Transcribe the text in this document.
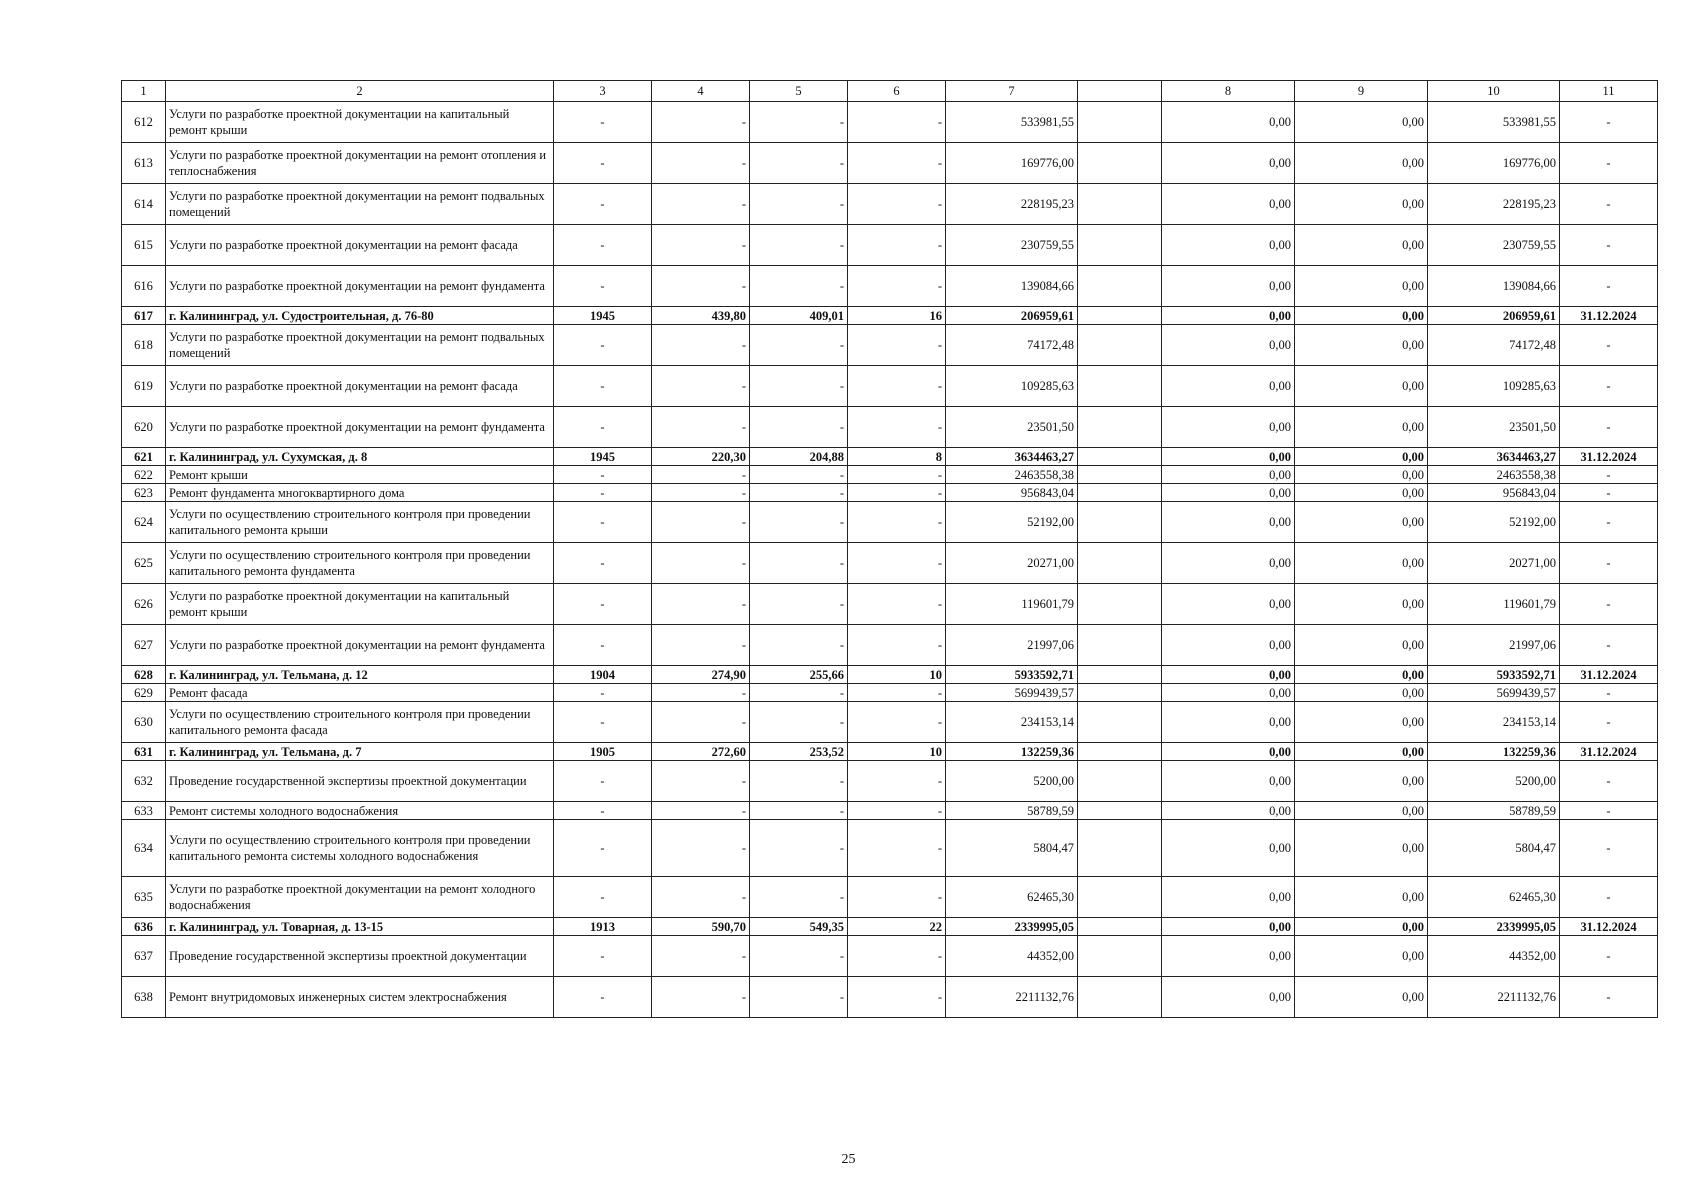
1	2	3	4	5	6	7		8	9	10	11
612	Услуги по разработке проектной документации на капитальный ремонт крыши	-	-	-	-	533981,55		0,00	0,00	533981,55	-
613	Услуги по разработке проектной документации на ремонт отопления и теплоснабжения	-	-	-	-	169776,00		0,00	0,00	169776,00	-
614	Услуги по разработке проектной документации на ремонт подвальных помещений	-	-	-	-	228195,23		0,00	0,00	228195,23	-
615	Услуги по разработке проектной документации на ремонт фасада	-	-	-	-	230759,55		0,00	0,00	230759,55	-
616	Услуги по разработке проектной документации на ремонт фундамента	-	-	-	-	139084,66		0,00	0,00	139084,66	-
617	г. Калининград, ул. Судостроительная, д. 76-80	1945	439,80	409,01	16	206959,61		0,00	0,00	206959,61	31.12.2024
618	Услуги по разработке проектной документации на ремонт подвальных помещений	-	-	-	-	74172,48		0,00	0,00	74172,48	-
619	Услуги по разработке проектной документации на ремонт фасада	-	-	-	-	109285,63		0,00	0,00	109285,63	-
620	Услуги по разработке проектной документации на ремонт фундамента	-	-	-	-	23501,50		0,00	0,00	23501,50	-
621	г. Калининград, ул. Сухумская, д. 8	1945	220,30	204,88	8	3634463,27		0,00	0,00	3634463,27	31.12.2024
622	Ремонт крыши	-	-	-	-	2463558,38		0,00	0,00	2463558,38	-
623	Ремонт фундамента многоквартирного дома	-	-	-	-	956843,04		0,00	0,00	956843,04	-
624	Услуги по осуществлению строительного контроля при проведении капитального ремонта крыши	-	-	-	-	52192,00		0,00	0,00	52192,00	-
625	Услуги по осуществлению строительного контроля при проведении капитального ремонта фундамента	-	-	-	-	20271,00		0,00	0,00	20271,00	-
626	Услуги по разработке проектной документации на капитальный ремонт крыши	-	-	-	-	119601,79		0,00	0,00	119601,79	-
627	Услуги по разработке проектной документации на ремонт фундамента	-	-	-	-	21997,06		0,00	0,00	21997,06	-
628	г. Калининград, ул. Тельмана, д. 12	1904	274,90	255,66	10	5933592,71		0,00	0,00	5933592,71	31.12.2024
629	Ремонт фасада	-	-	-	-	5699439,57		0,00	0,00	5699439,57	-
630	Услуги по осуществлению строительного контроля при проведении капитального ремонта фасада	-	-	-	-	234153,14		0,00	0,00	234153,14	-
631	г. Калининград, ул. Тельмана, д. 7	1905	272,60	253,52	10	132259,36		0,00	0,00	132259,36	31.12.2024
632	Проведение государственной экспертизы проектной документации	-	-	-	-	5200,00		0,00	0,00	5200,00	-
633	Ремонт системы холодного водоснабжения	-	-	-	-	58789,59		0,00	0,00	58789,59	-
634	Услуги по осуществлению строительного контроля при проведении капитального ремонта системы холодного водоснабжения	-	-	-	-	5804,47		0,00	0,00	5804,47	-
635	Услуги по разработке проектной документации на ремонт холодного водоснабжения	-	-	-	-	62465,30		0,00	0,00	62465,30	-
636	г. Калининград, ул. Товарная, д. 13-15	1913	590,70	549,35	22	2339995,05		0,00	0,00	2339995,05	31.12.2024
637	Проведение государственной экспертизы проектной документации	-	-	-	-	44352,00		0,00	0,00	44352,00	-
638	Ремонт внутридомовых инженерных систем электроснабжения	-	-	-	-	2211132,76		0,00	0,00	2211132,76	-
25
